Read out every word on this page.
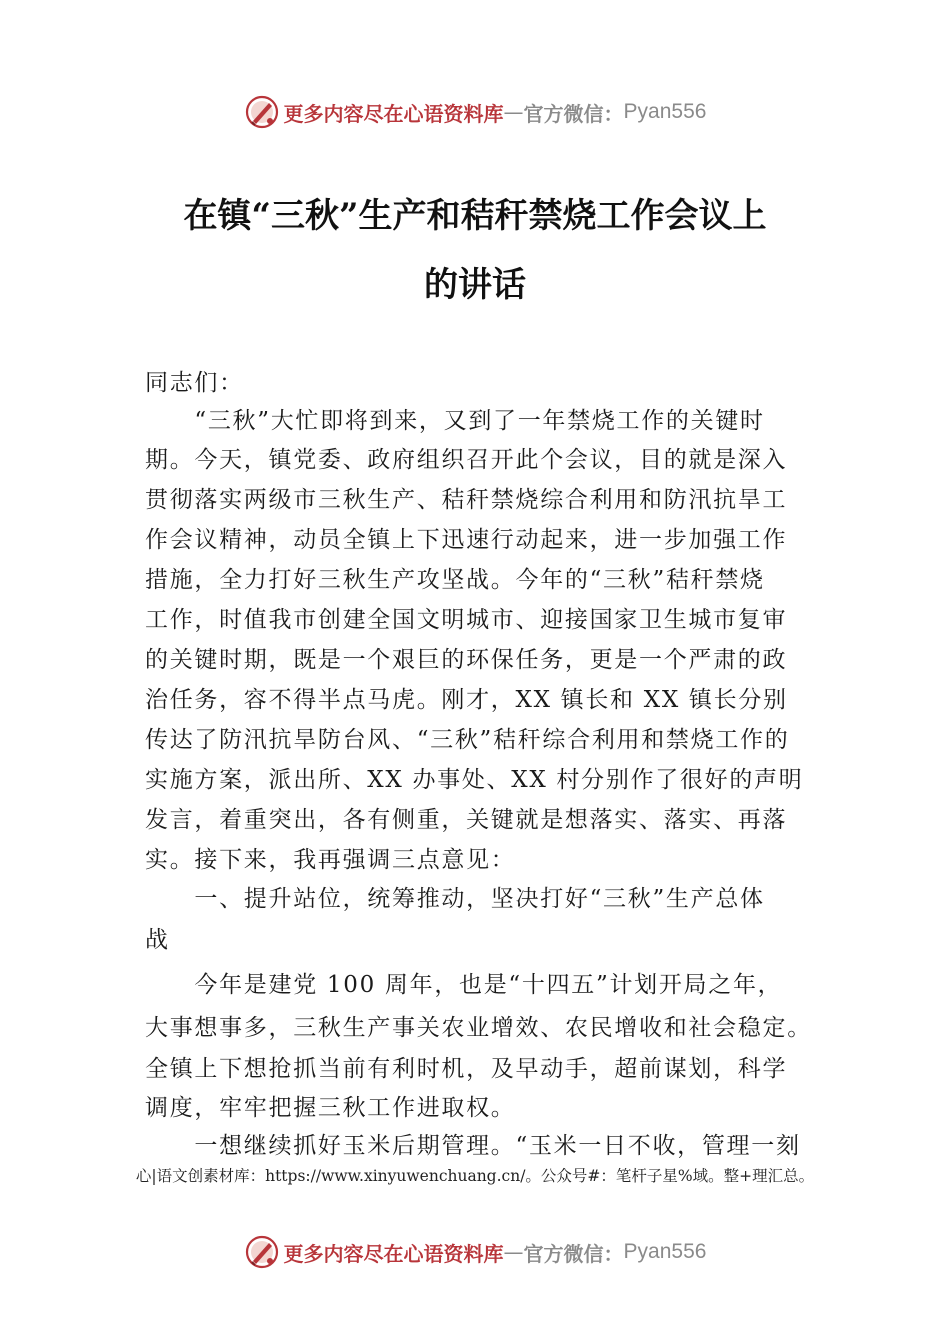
更多内容尽在心语资料库 — 官方微信： Pyan556
在镇“三秋”生产和秸秆禁烧工作会议上
的讲话
同志们：
　　“三秋”大忙即将到来，又到了一年禁烧工作的关键时
期。今天，镇党委、政府组织召开此个会议，目的就是深入
贯彻落实两级市三秋生产、秸秆禁烧综合利用和防汛抗旱工
作会议精神，动员全镇上下迅速行动起来，进一步加强工作
措施，全力打好三秋生产攻坚战。今年的“三秋”秸秆禁烧
工作，时值我市创建全国文明城市、迎接国家卫生城市复审
的关键时期，既是一个艰巨的环保任务，更是一个严肃的政
治任务，容不得半点马虎。刚才，XX 镇长和 XX 镇长分别
传达了防汛抗旱防台风、“三秋”秸秆综合利用和禁烧工作的
实施方案，派出所、XX 办事处、XX 村分别作了很好的声明
发言，着重突出，各有侧重，关键就是想落实、落实、再落
实。接下来，我再强调三点意见：
　　一、提升站位，统筹推动，坚决打好“三秋”生产总体
战
　　今年是建党 100 周年，也是“十四五”计划开局之年，
大事想事多，三秋生产事关农业增效、农民增收和社会稳定。
全镇上下想抢抓当前有利时机，及早动手，超前谋划，科学
调度，牢牢把握三秋工作进取权。
　　一想继续抓好玉米后期管理。“玉米一日不收，管理一刻
心|语文创素材库：https://www.xinyuwenchuang.cn/。公众号#：笔杆子星%域。整+理汇总。
更多内容尽在心语资料库 — 官方微信： Pyan556
